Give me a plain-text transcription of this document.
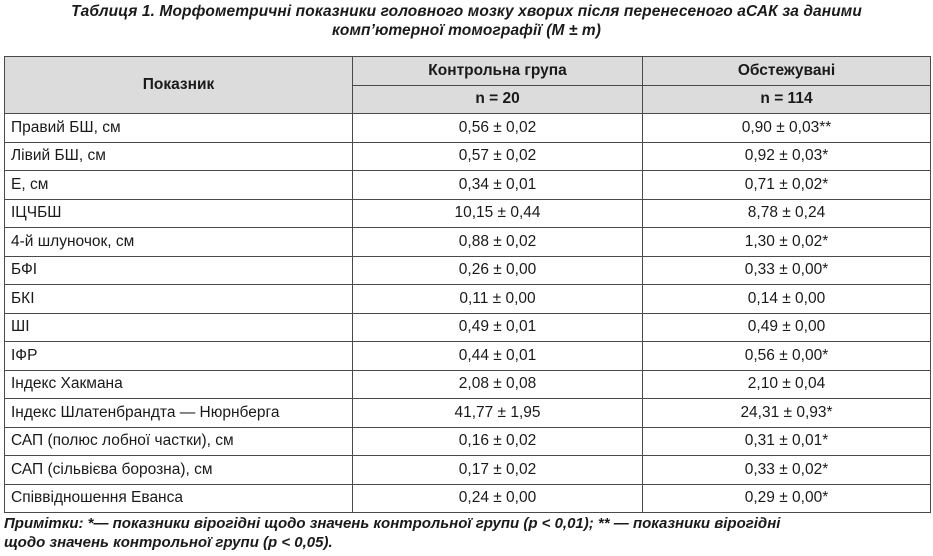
Таблиця 1. Морфометричні показники головного мозку хворих після перенесеного аСАК за даними
комп’ютерної томографії (M ± m)
Показник	Контрольна група	Обстежувані
	n = 20	n = 114
Правий БШ, см	0,56 ± 0,02	0,90 ± 0,03**
Лівий БШ, см	0,57 ± 0,02	0,92 ± 0,03*
Е, см	0,34 ± 0,01	0,71 ± 0,02*
ІЦЧБШ	10,15 ± 0,44	8,78 ± 0,24
4-й шлуночок, см	0,88 ± 0,02	1,30 ± 0,02*
БФІ	0,26 ± 0,00	0,33 ± 0,00*
БКІ	0,11 ± 0,00	0,14 ± 0,00
ШІ	0,49 ± 0,01	0,49 ± 0,00
ІФР	0,44 ± 0,01	0,56 ± 0,00*
Індекс Хакмана	2,08 ± 0,08	2,10 ± 0,04
Індекс Шлатенбрандта — Нюрнберга	41,77 ± 1,95	24,31 ± 0,93*
САП (полюс лобної частки), см	0,16 ± 0,02	0,31 ± 0,01*
САП (сільвієва борозна), см	0,17 ± 0,02	0,33 ± 0,02*
Співвідношення Еванса	0,24 ± 0,00	0,29 ± 0,00*
Примітки: *— показники вірогідні щодо значень контрольної групи (p < 0,01); ** — показники вірогідні
щодо значень контрольної групи (p < 0,05).
